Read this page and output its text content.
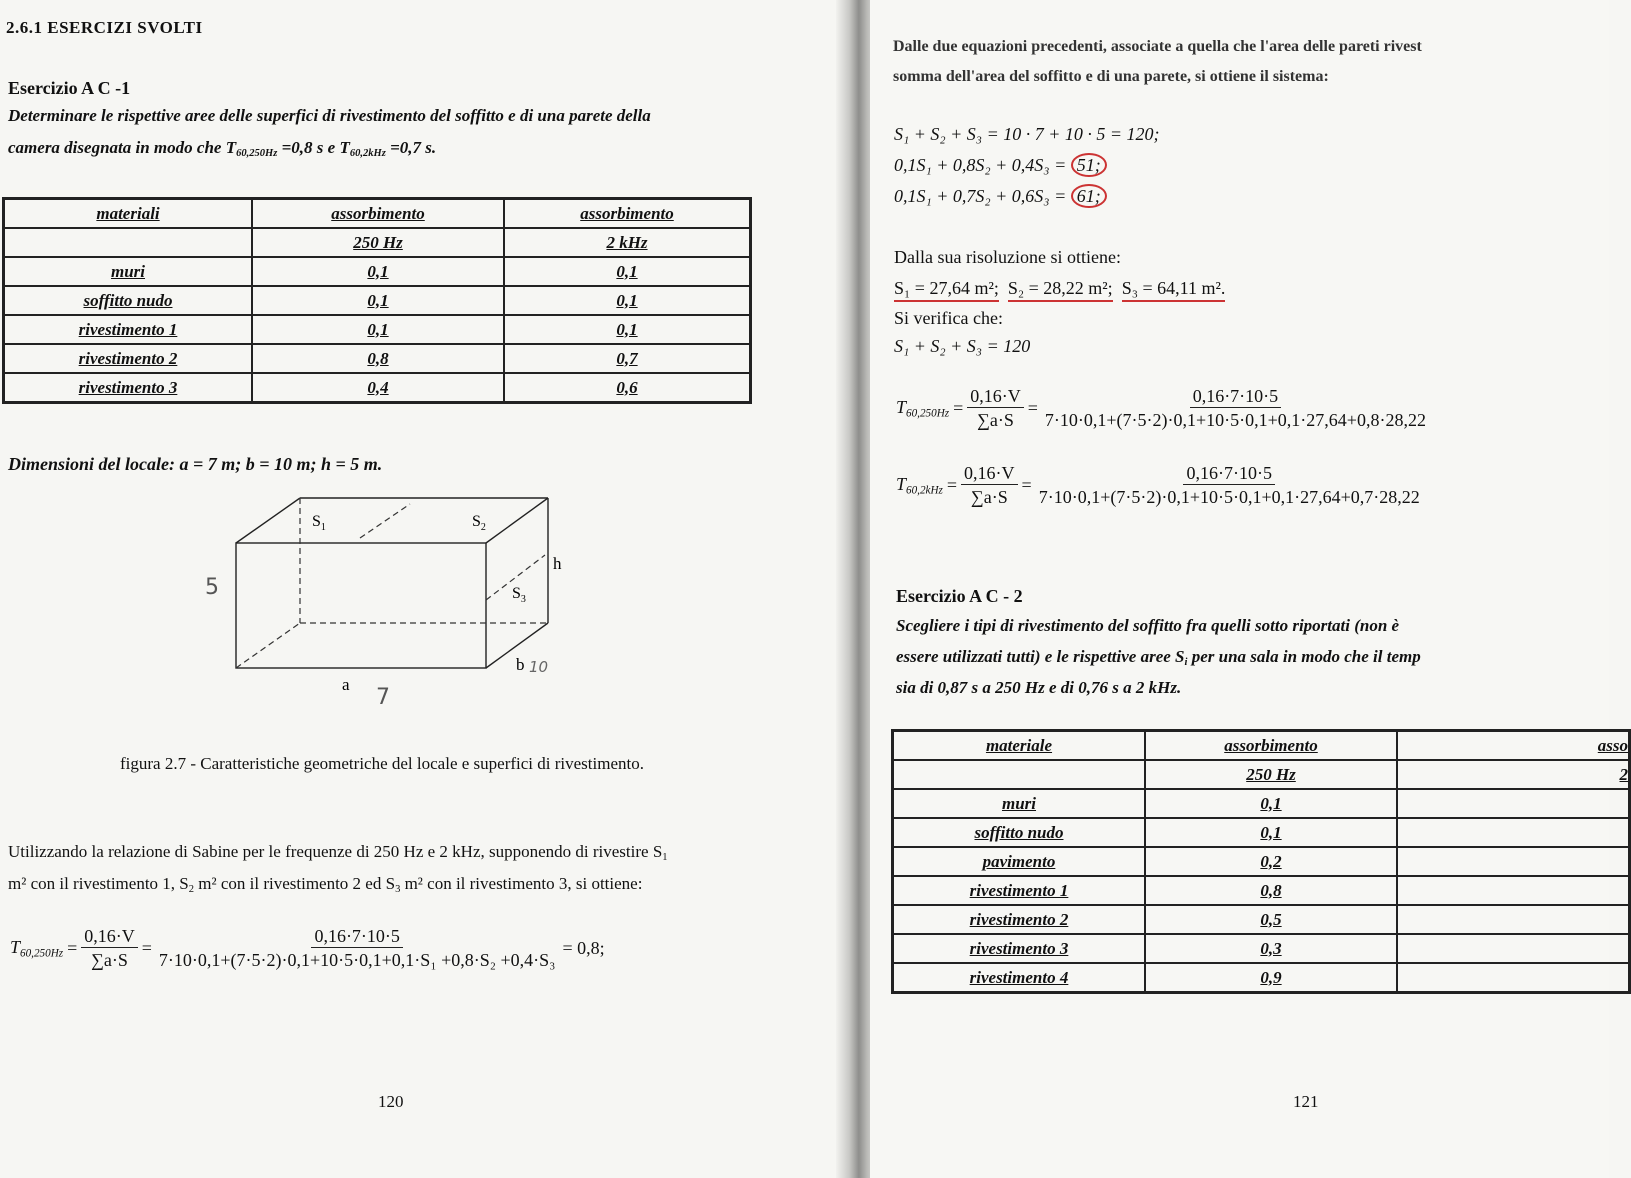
2.6.1 ESERCIZI SVOLTI
Esercizio A C -1
Determinare le rispettive aree delle superfici di rivestimento del soffitto e di una parete della
camera disegnata in modo che $T_{60,250Hz} =0,8$ s e $T_{60,2kHz} =0,7$ s.
materiali	assorbimento	assorbimento
	250 Hz	2 kHz
muri	0,1	0,1
soffitto nudo	0,1	0,1
rivestimento 1	0,1	0,1
rivestimento 2	0,8	0,7
rivestimento 3	0,4	0,6
Dimensioni del locale: a = 7 m; b = 10 m; h = 5 m.
$S_1$	$S_2$
$S_3$
h
a
b
5
10
7
figura 2.7 - Caratteristiche geometriche del locale e superfici di rivestimento.
Utilizzando la relazione di Sabine per le frequenze di 250 Hz e 2 kHz, supponendo di rivestire $S_1$
m² con il rivestimento 1, $S_2$ m² con il rivestimento 2 ed $S_3$ m² con il rivestimento 3, si ottiene:
$T_{60,250Hz} = \frac{0,16\cdot V}{\sum a\cdot S} = \frac{0,16\cdot 7\cdot 10\cdot 5}{\text{7·10·0,1+(7·5·2)·0,1+10·5·0,1+0,1·S₁ +0,8·S₂ +0,4·S₃}} = 0,8$;
120
Dalle due equazioni precedenti, associate a quella che l'area delle pareti rivest
somma dell'area del soffitto e di una parete, si ottiene il sistema:
S₁ + S₂ + S₃ = 10 · 7 + 10 · 5 = 120;
0,1S₁ + 0,8S₂ + 0,4S₃ = 51;
0,1S₁ + 0,7S₂ + 0,6S₃ = 61;
Dalla sua risoluzione si ottiene:
S₁ = 27,64 m²; S₂ = 28,22 m²; S₃ = 64,11 m².
Si verifica che:
S₁ + S₂ + S₃ = 120
$T_{60,250Hz} = \frac{0,16\cdot V}{\sum a\cdot S} = \frac{0,16\cdot 7\cdot 10\cdot 5}{7\cdot 10\cdot 0,1+(7\cdot 5\cdot 2)\cdot 0,1+10\cdot 5\cdot 0,1+0,1\cdot 27,64+0,8\cdot 28,22}$
$T_{60,2kHz} = \frac{0,16\cdot V}{\sum a\cdot S} = \frac{0,16\cdot 7\cdot 10\cdot 5}{7\cdot 10\cdot 0,1+(7\cdot 5\cdot 2)\cdot 0,1+10\cdot 5\cdot 0,1+0,1\cdot 27,64+0,7\cdot 28,22}$
Esercizio A C - 2
Scegliere i tipi di rivestimento del soffitto fra quelli sotto riportati (non è
essere utilizzati tutti) e le rispettive aree $S_i$ per una sala in modo che il temp
sia di 0,87 s a 250 Hz e di 0,76 s a 2 kHz.
materiale	assorbimento	asso
	250 Hz	2
muri	0,1	
soffitto nudo	0,1	
pavimento	0,2	
rivestimento 1	0,8	
rivestimento 2	0,5	
rivestimento 3	0,3	
rivestimento 4	0,9	
121
